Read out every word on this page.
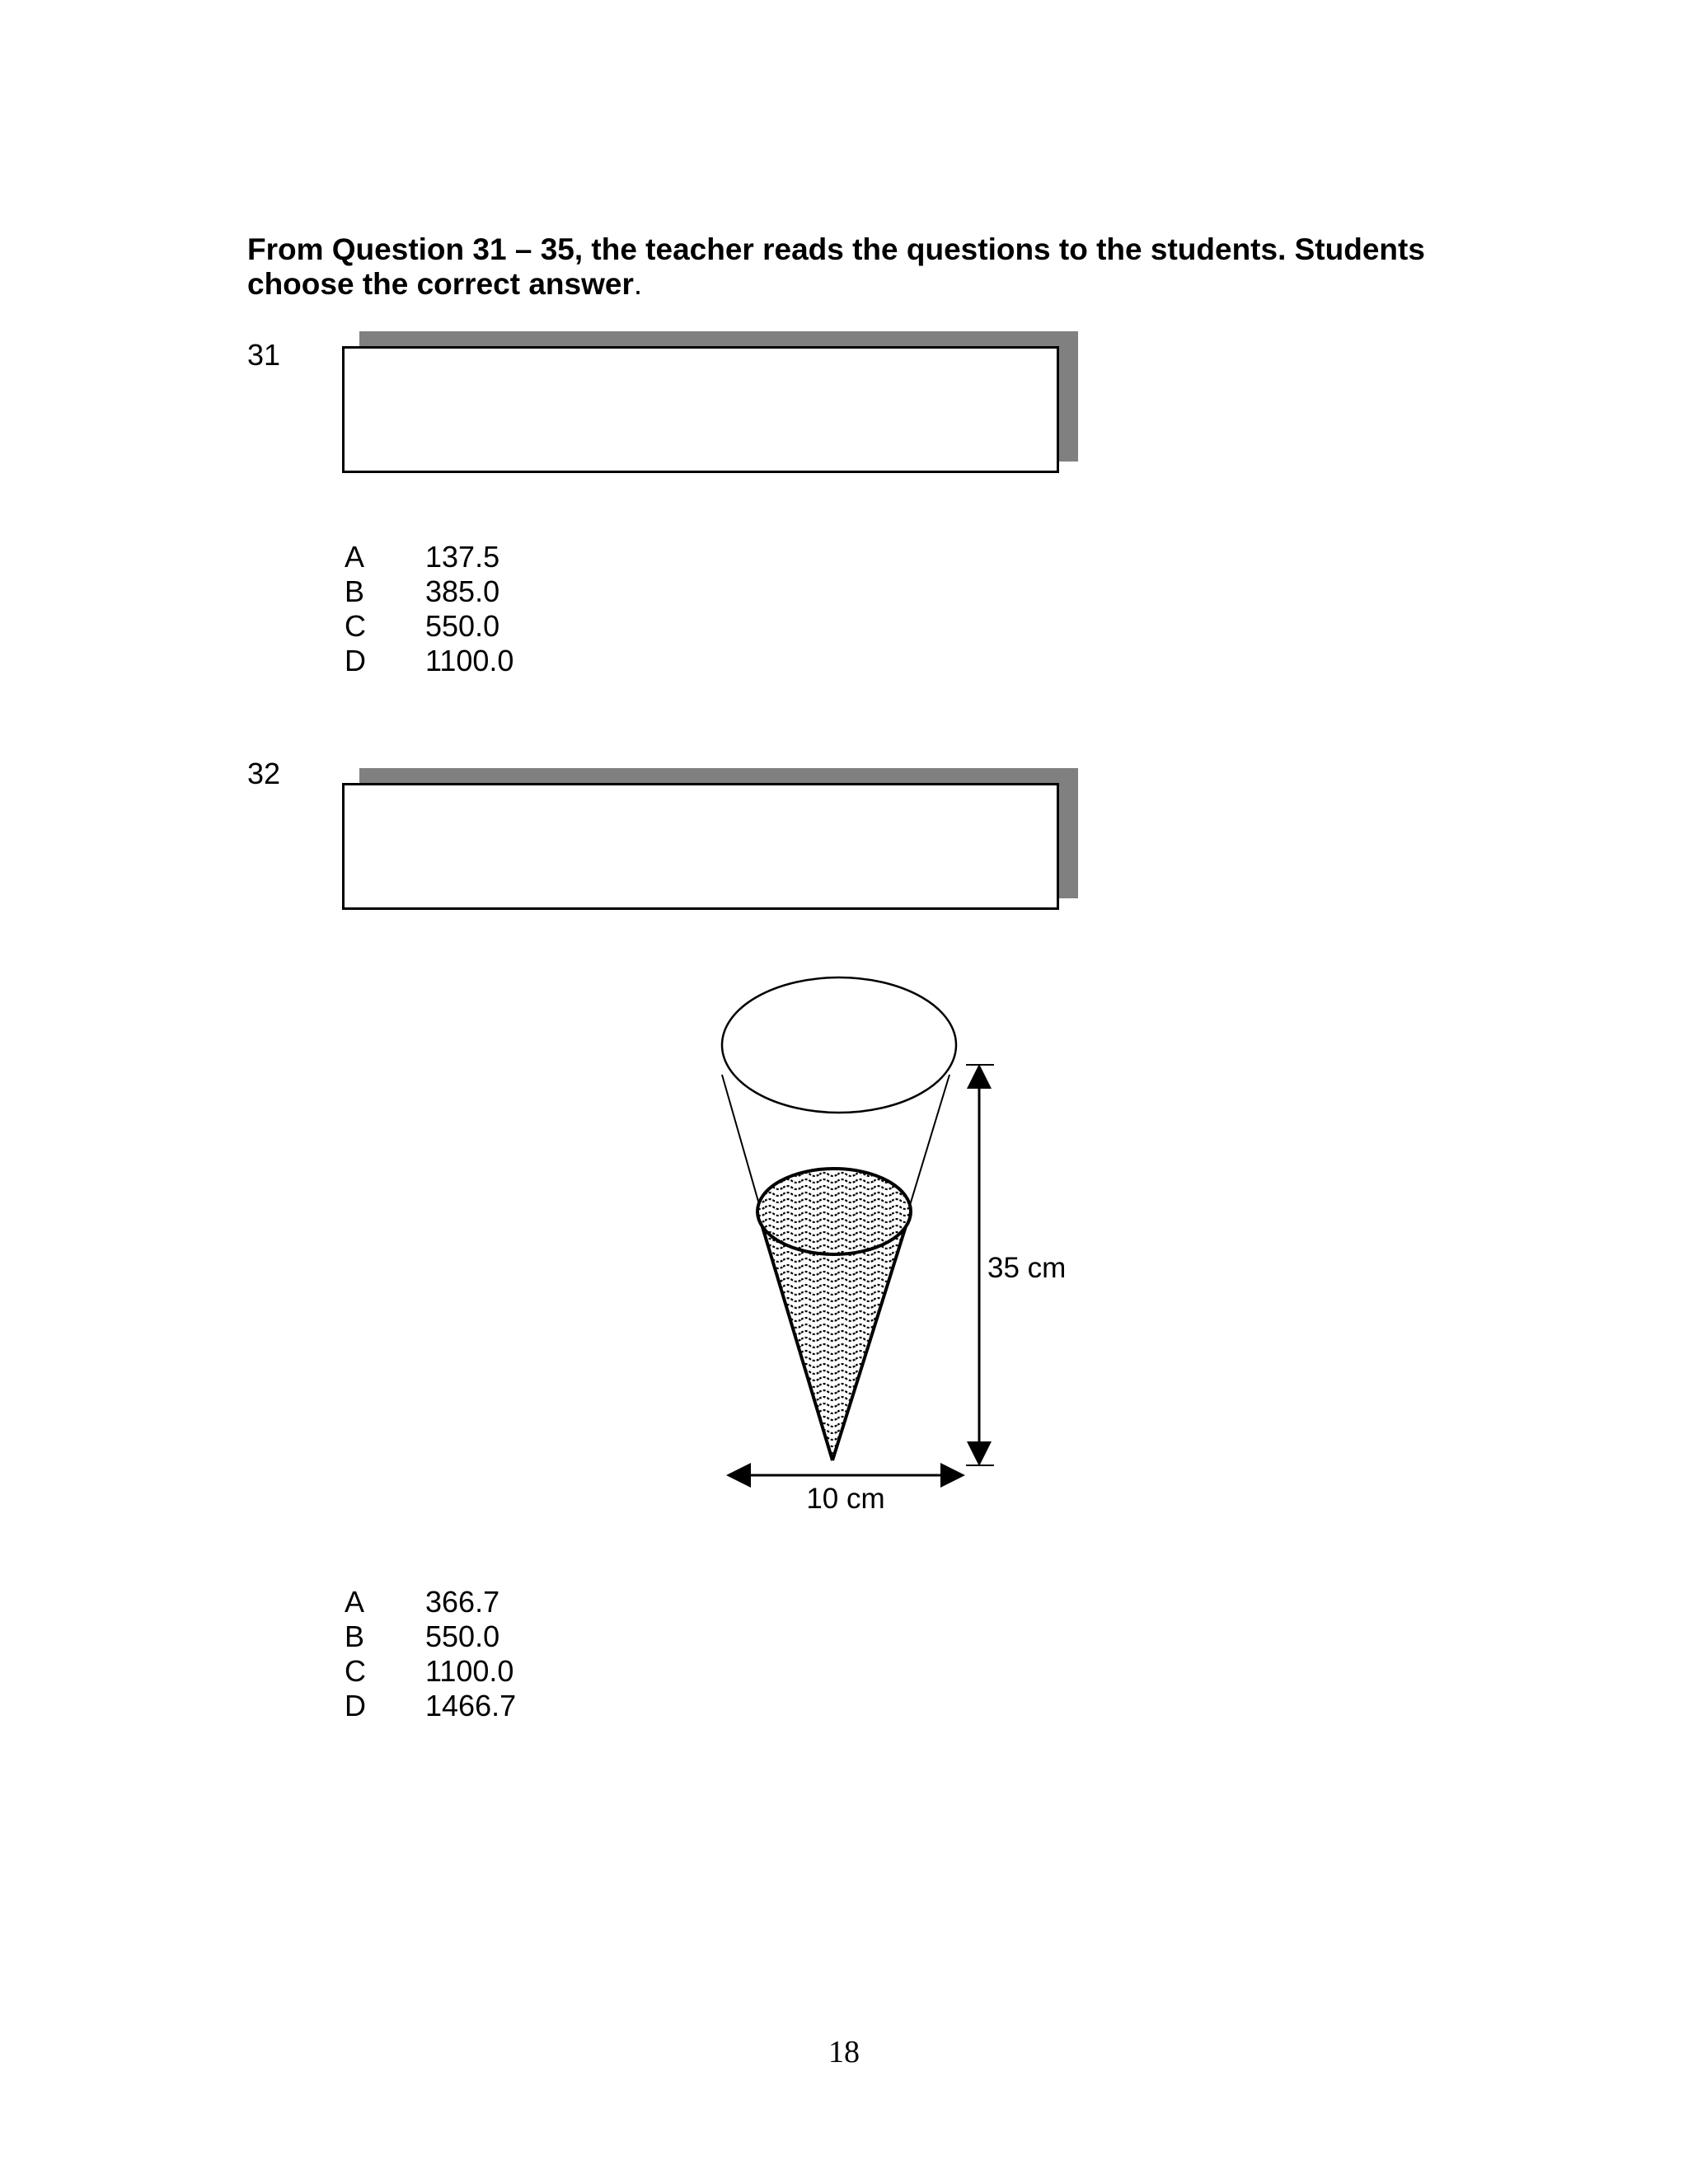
From Question 31 – 35, the teacher reads the questions to the students. Students choose the correct answer.
31
A	137.5
B	385.0
C	550.0
D	1100.0
32
35 cm
10 cm
A	366.7
B	550.0
C	1100.0
D	1466.7
18
